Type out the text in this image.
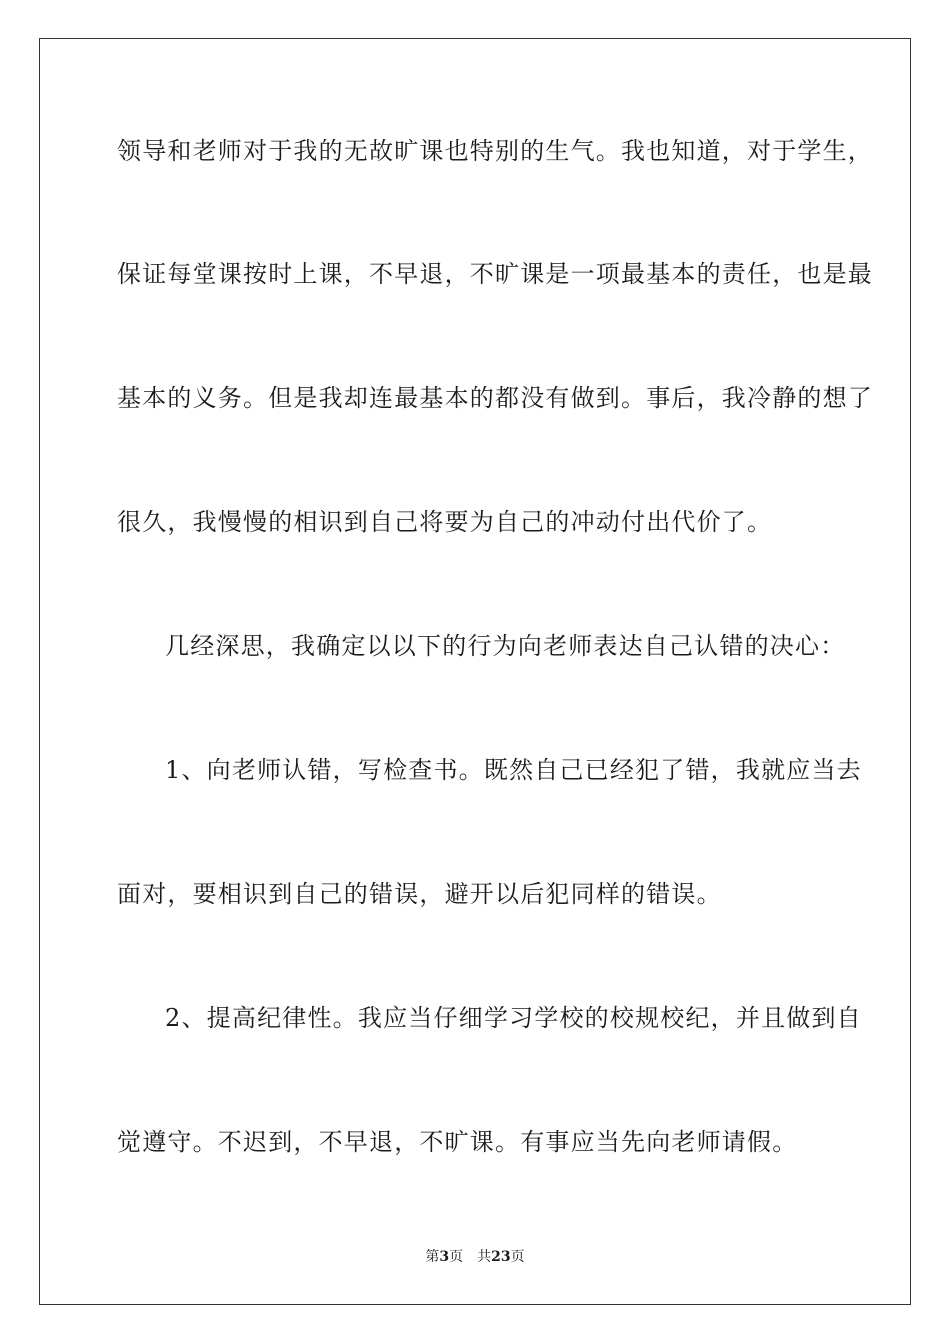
领导和老师对于我的无故旷课也特别的生气。我也知道，对于学生，
保证每堂课按时上课，不早退，不旷课是一项最基本的责任，也是最
基本的义务。但是我却连最基本的都没有做到。事后，我冷静的想了
很久，我慢慢的相识到自己将要为自己的冲动付出代价了。
几经深思，我确定以以下的行为向老师表达自己认错的决心：
1、向老师认错，写检查书。既然自己已经犯了错，我就应当去
面对，要相识到自己的错误，避开以后犯同样的错误。
2、提高纪律性。我应当仔细学习学校的校规校纪，并且做到自
觉遵守。不迟到，不早退，不旷课。有事应当先向老师请假。
第3页 共23页
